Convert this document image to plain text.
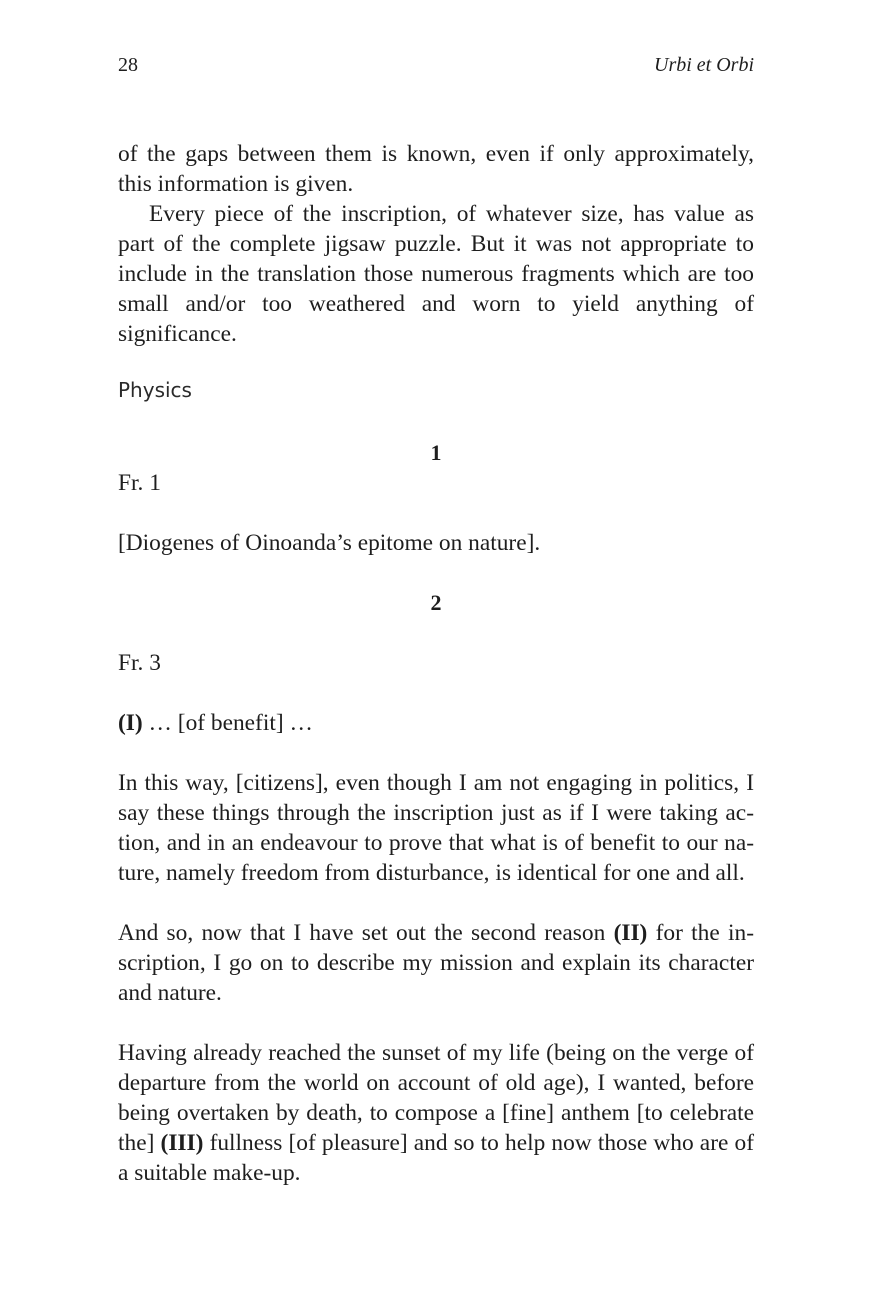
28	Urbi et Orbi

of the gaps between them is known, even if only approximately, this information is given.

Every piece of the inscription, of whatever size, has value as part of the complete jigsaw puzzle. But it was not appropriate to include in the translation those numerous fragments which are too small and/or too weathered and worn to yield anything of significance.

Physics

1

Fr. 1

[Diogenes of Oinoanda’s epitome on nature].

2

Fr. 3

(I) … [of benefit] …

In this way, [citizens], even though I am not engaging in politics, I say these things through the inscription just as if I were taking action, and in an endeavour to prove that what is of benefit to our nature, namely freedom from disturbance, is identical for one and all.

And so, now that I have set out the second reason (II) for the inscription, I go on to describe my mission and explain its character and nature.

Having already reached the sunset of my life (being on the verge of departure from the world on account of old age), I wanted, before being overtaken by death, to compose a [fine] anthem [to celebrate the] (III) fullness [of pleasure] and so to help now those who are of a suitable make-up.
